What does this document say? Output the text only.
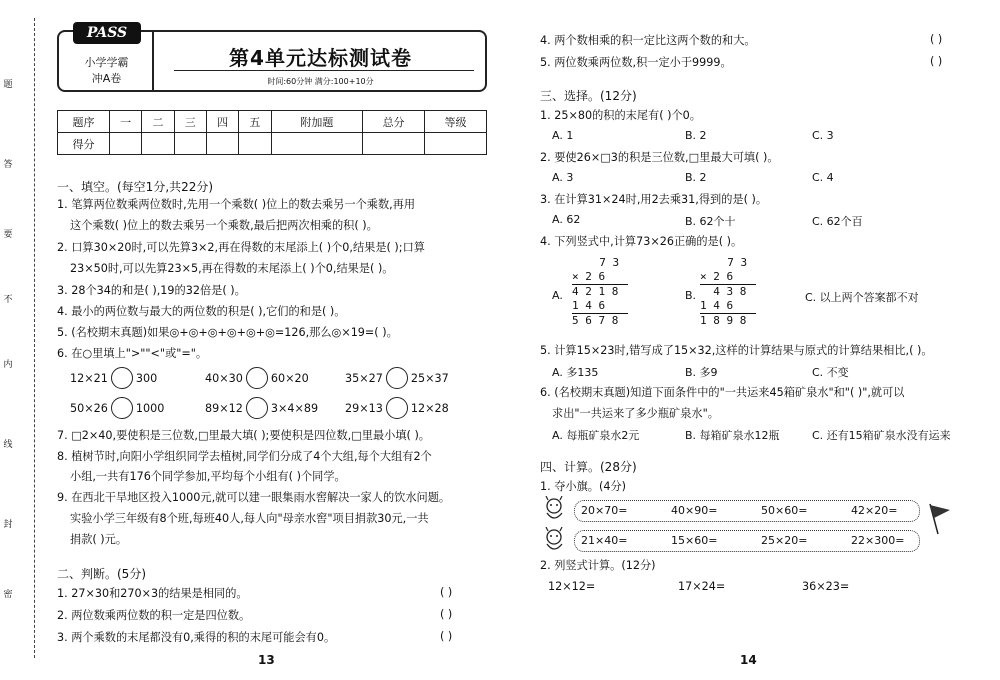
题
答
要
不
内
线
封
密
PASS
小学学霸
冲A卷
第4单元达标测试卷
时间:60分钟 满分:100+10分
题序	一	二	三	四	五	附加题	总分	等级
得分								
一、填空。(每空1分,共22分)
1. 笔算两位数乘两位数时,先用一个乘数( )位上的数去乘另一个乘数,再用
这个乘数( )位上的数去乘另一个乘数,最后把两次相乘的积( )。
2. 口算30×20时,可以先算3×2,再在得数的末尾添上( )个0,结果是( );口算
23×50时,可以先算23×5,再在得数的末尾添上( )个0,结果是( )。
3. 28个34的和是( ),19的32倍是( )。
4. 最小的两位数与最大的两位数的积是( ),它们的和是( )。
5. (名校期末真题)如果◎+◎+◎+◎+◎+◎=126,那么◎×19=( )。
6. 在○里填上">""<"或"="。
12×21	300	40×30	60×20	35×27	25×37
50×26	1000	89×12	3×4×89 29×13	12×28
7. □2×40,要使积是三位数,□里最大填( );要使积是四位数,□里最小填( )。
8. 植树节时,向阳小学组织同学去植树,同学们分成了4个大组,每个大组有2个
小组,一共有176个同学参加,平均每个小组有( )个同学。
9. 在西北干旱地区投入1000元,就可以建一眼集雨水窖解决一家人的饮水问题。
实验小学三年级有8个班,每班40人,每人向"母亲水窖"项目捐款30元,一共
捐款( )元。
二、判断。(5分)
1. 27×30和270×3的结果是相同的。	( )
2. 两位数乘两位数的积一定是四位数。	( )
3. 两个乘数的末尾都没有0,乘得的积的末尾可能会有0。	( )
13
4. 两个数相乘的积一定比这两个数的和大。	( )
5. 两位数乘两位数,积一定小于9999。	( )
三、选择。(12分)
1. 25×80的积的末尾有( )个0。
A. 1	B. 2	C. 3
2. 要使26×□3的积是三位数,□里最大可填( )。
A. 3	B. 2	C. 4
3. 在计算31×24时,用2去乘31,得到的是( )。
A. 62	B. 62个十	C. 62个百
4. 下列竖式中,计算73×26正确的是( )。
A.
7 3
× 2 6
4 2 1 8
1 4 6
5 6 7 8
B.
7 3
× 2 6
4 3 8
1 4 6
1 8 9 8
C. 以上两个答案都不对
5. 计算15×23时,错写成了15×32,这样的计算结果与原式的计算结果相比,( )。
A. 多135	B. 多9	C. 不变
6. (名校期末真题)知道下面条件中的"一共运来45箱矿泉水"和"( )",就可以
求出"一共运来了多少瓶矿泉水"。
A. 每瓶矿泉水2元	B. 每箱矿泉水12瓶	C. 还有15箱矿泉水没有运来
四、计算。(28分)
1. 夺小旗。(4分)
20×70=	40×90=	50×60=	42×20=
21×40=	15×60=	25×20=	22×300=
2. 列竖式计算。(12分)
12×12=	17×24=	36×23=
14
